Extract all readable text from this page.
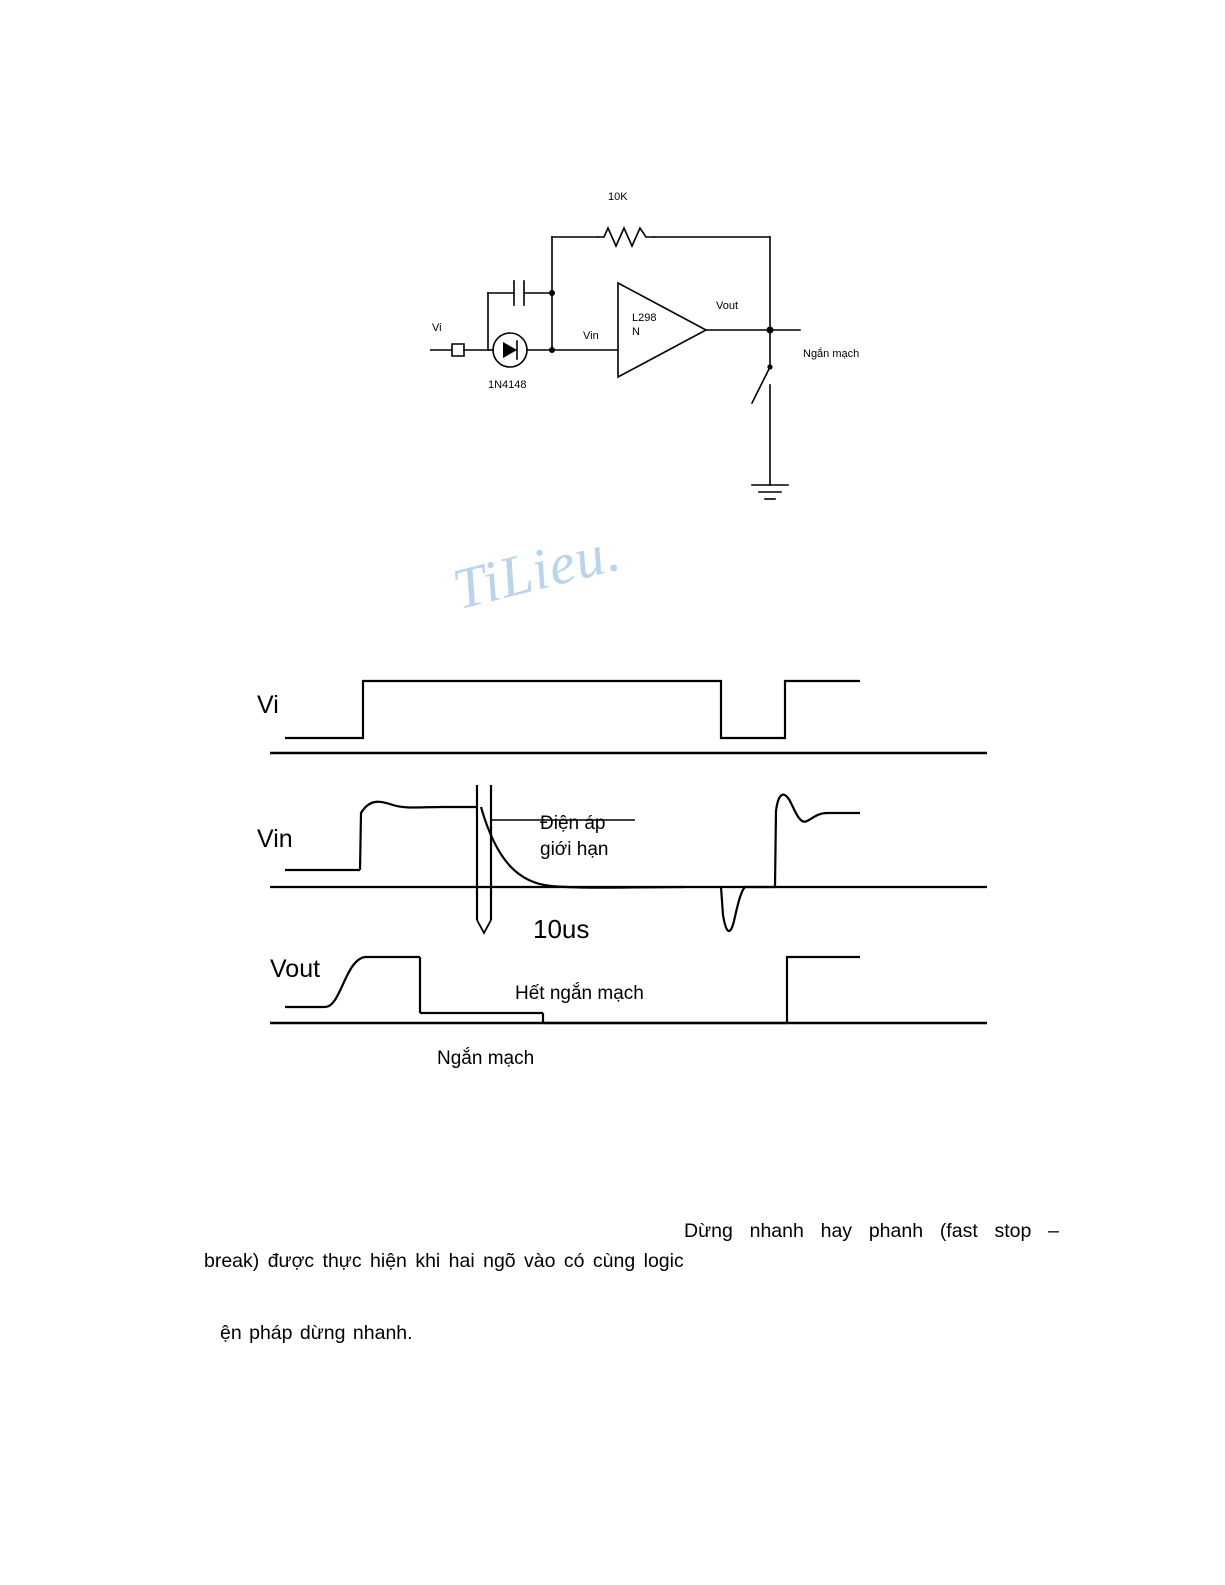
10K
Vi
1N4148
L298
N
Vin
Vout
Ngắn mạch
TiLieu.
Vi
Vin
Vout
Điện áp
giới hạn
10us
Hết ngắn mạch
Ngắn mạch

Dừng nhanh hay phanh (fast stop – break) được thực hiện khi hai ngõ vào có cùng logic

ện pháp dừng nhanh.
